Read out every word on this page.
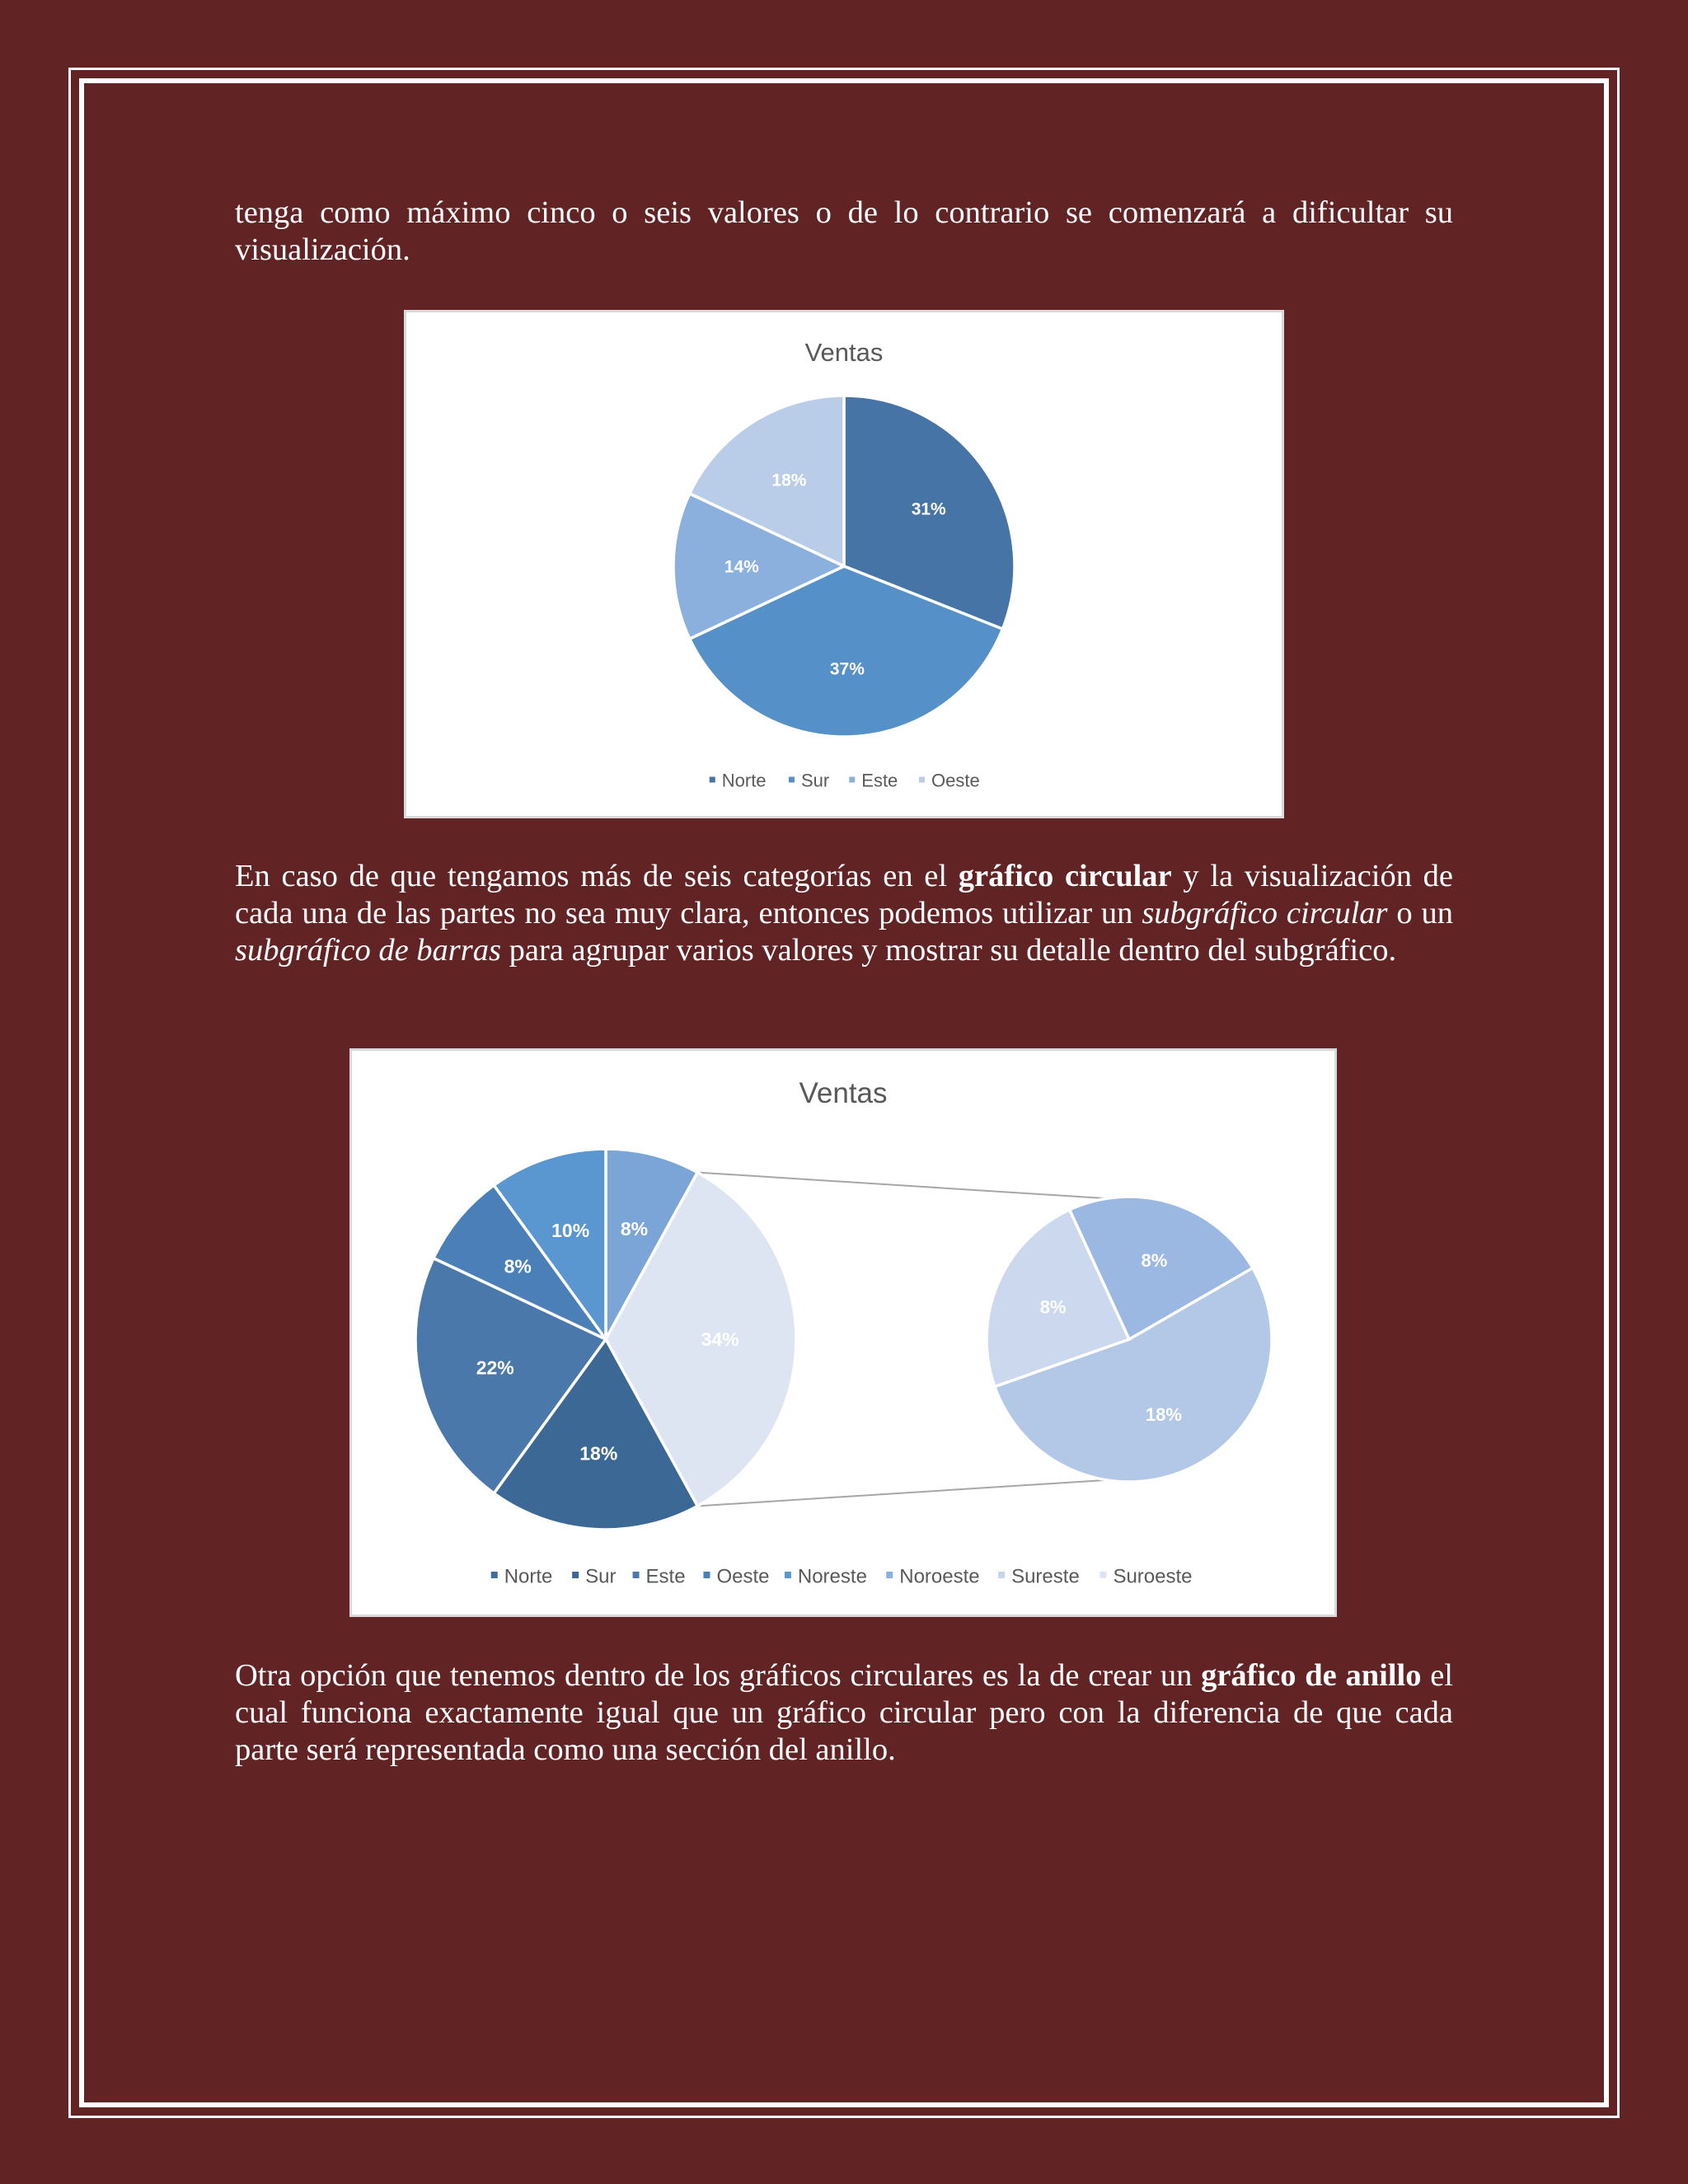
tenga como máximo cinco o seis valores o de lo contrario se comenzará a dificultar su visualización.

Ventas
31%
37%
14%
18%
Norte Sur Este Oeste

En caso de que tengamos más de seis categorías en el gráfico circular y la visualización de cada una de las partes no sea muy clara, entonces podemos utilizar un subgráfico circular o un subgráfico de barras para agrupar varios valores y mostrar su detalle dentro del subgráfico.

Ventas
8%
34%
18%
22%
8%
10%
18%
8%
8%
Norte Sur Este Oeste Noreste Noroeste Sureste Suroeste

Otra opción que tenemos dentro de los gráficos circulares es la de crear un gráfico de anillo el cual funciona exactamente igual que un gráfico circular pero con la diferencia de que cada parte será representada como una sección del anillo.
